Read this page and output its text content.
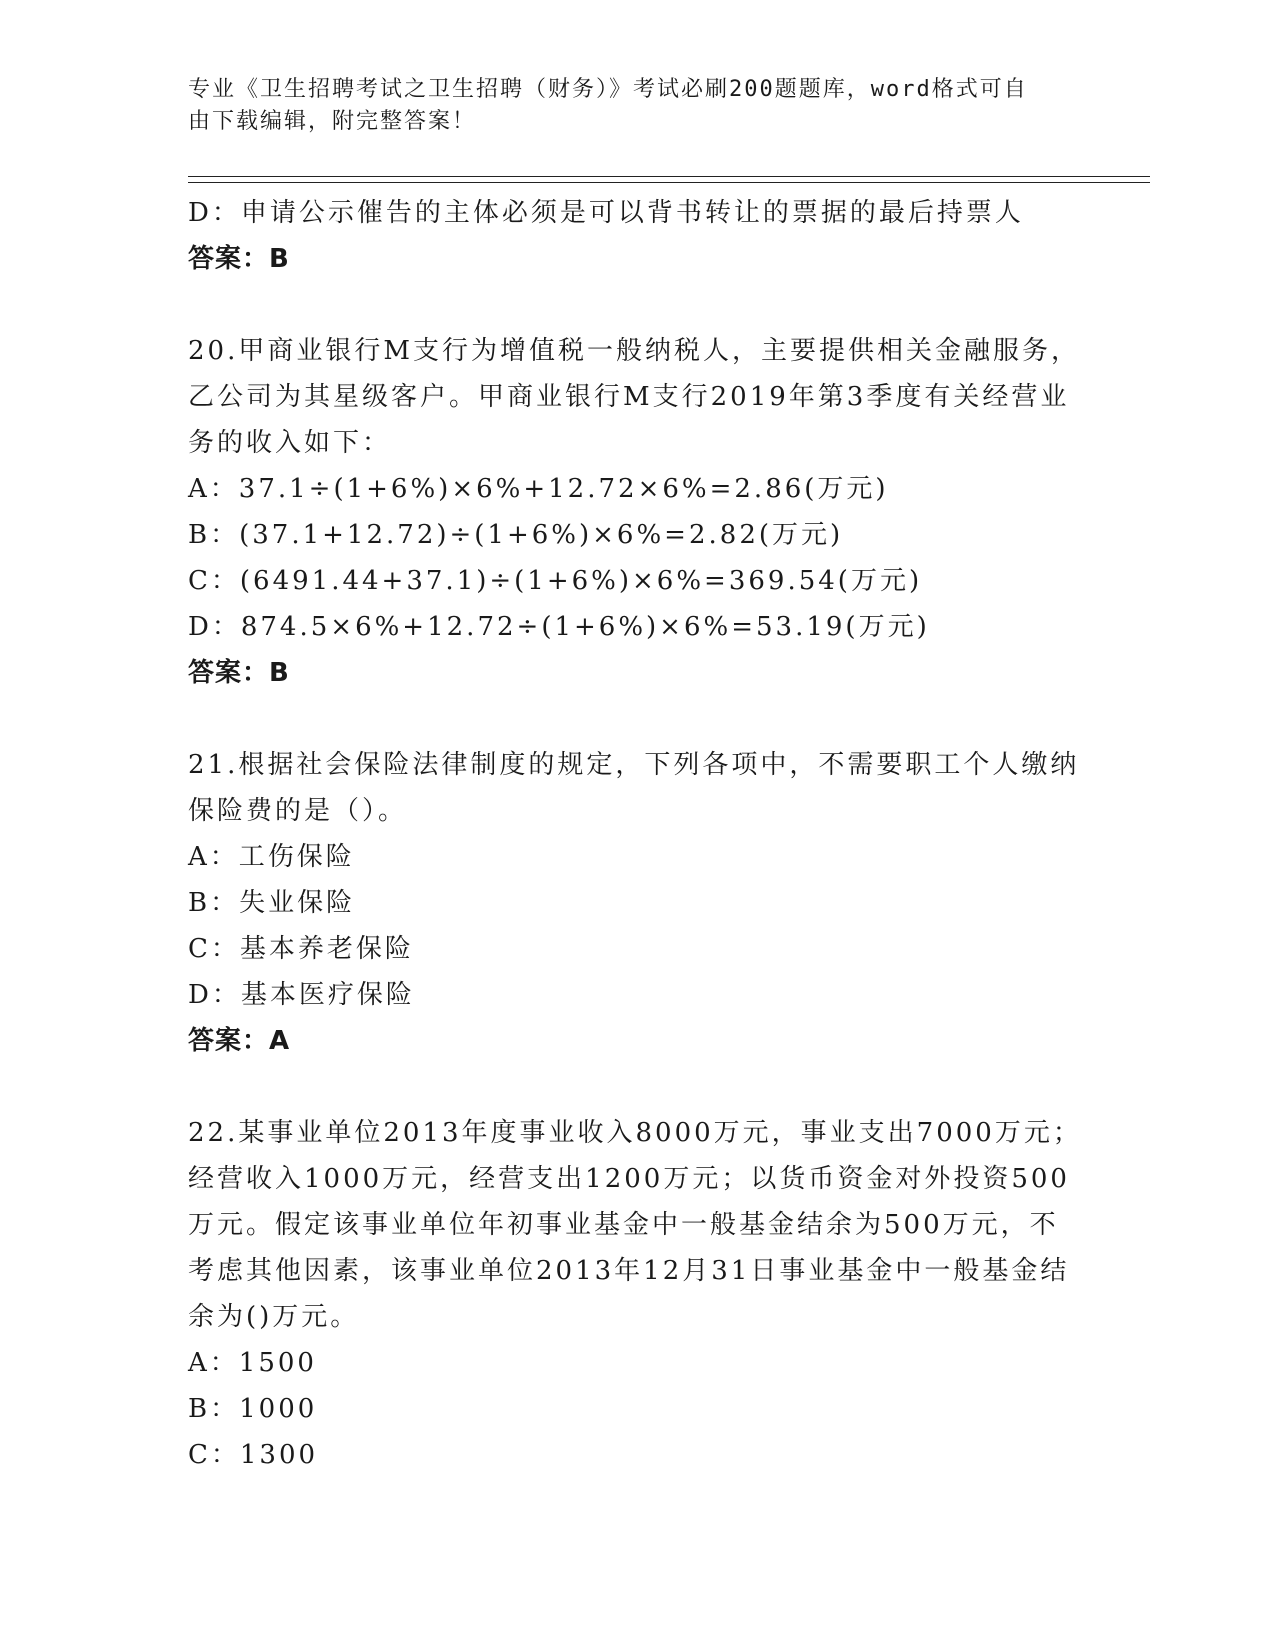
专业《卫生招聘考试之卫生招聘（财务）》考试必刷200题题库，word格式可自
由下载编辑，附完整答案！
D：申请公示催告的主体必须是可以背书转让的票据的最后持票人
答案：B
20.甲商业银行M支行为增值税一般纳税人，主要提供相关金融服务，
乙公司为其星级客户。甲商业银行M支行2019年第3季度有关经营业
务的收入如下：
A：37.1÷(1+6%)×6%+12.72×6%=2.86(万元)
B：(37.1+12.72)÷(1+6%)×6%=2.82(万元)
C：(6491.44+37.1)÷(1+6%)×6%=369.54(万元)
D：874.5×6%+12.72÷(1+6%)×6%=53.19(万元)
答案：B
21.根据社会保险法律制度的规定，下列各项中，不需要职工个人缴纳
保险费的是（）。
A：工伤保险
B：失业保险
C：基本养老保险
D：基本医疗保险
答案：A
22.某事业单位2013年度事业收入8000万元，事业支出7000万元；
经营收入1000万元，经营支出1200万元；以货币资金对外投资500
万元。假定该事业单位年初事业基金中一般基金结余为500万元，不
考虑其他因素，该事业单位2013年12月31日事业基金中一般基金结
余为()万元。
A：1500
B：1000
C：1300
